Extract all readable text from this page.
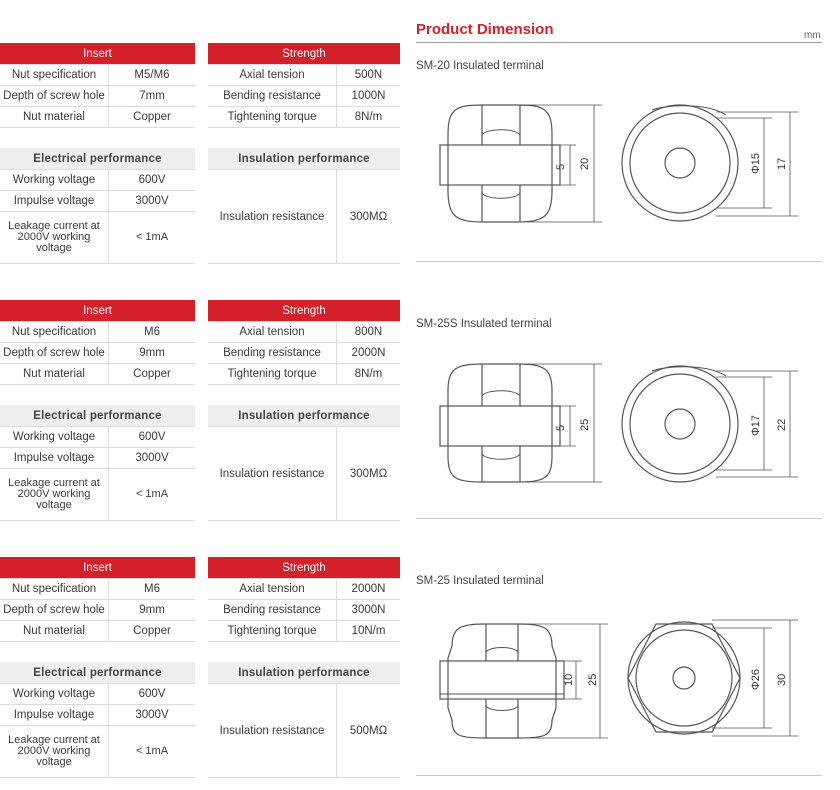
Product Dimension	mm
Insert	
Nut specification	M5/M6
Depth of screw hole	7mm
Nut material	Copper
Strength	
Axial tension	500N
Bending resistance	1000N
Tightening torque	8N/m
Electrical performance	
Working voltage	600V
Impulse voltage	3000V
Leakage current at 2000V working voltage	< 1mA
Insulation performance
Insulation resistance	300MΩ
Insert	
Nut specification	M6
Depth of screw hole	9mm
Nut material	Copper
Strength	
Axial tension	800N
Bending resistance	2000N
Tightening torque	8N/m
Electrical performance	
Working voltage	600V
Impulse voltage	3000V
Leakage current at 2000V working voltage	< 1mA
Insulation performance
Insulation resistance	300MΩ
Insert	
Nut specification	M6
Depth of screw hole	9mm
Nut material	Copper
Strength	
Axial tension	2000N
Bending resistance	3000N
Tightening torque	10N/m
Electrical performance	
Working voltage	600V
Impulse voltage	3000V
Leakage current at 2000V working voltage	< 1mA
Insulation performance
Insulation resistance	500MΩ
SM-20 Insulated terminal
5 20	Φ15 17
SM-25S Insulated terminal
5 25	Φ17 22
SM-25 Insulated terminal
10 25	Φ26 30
